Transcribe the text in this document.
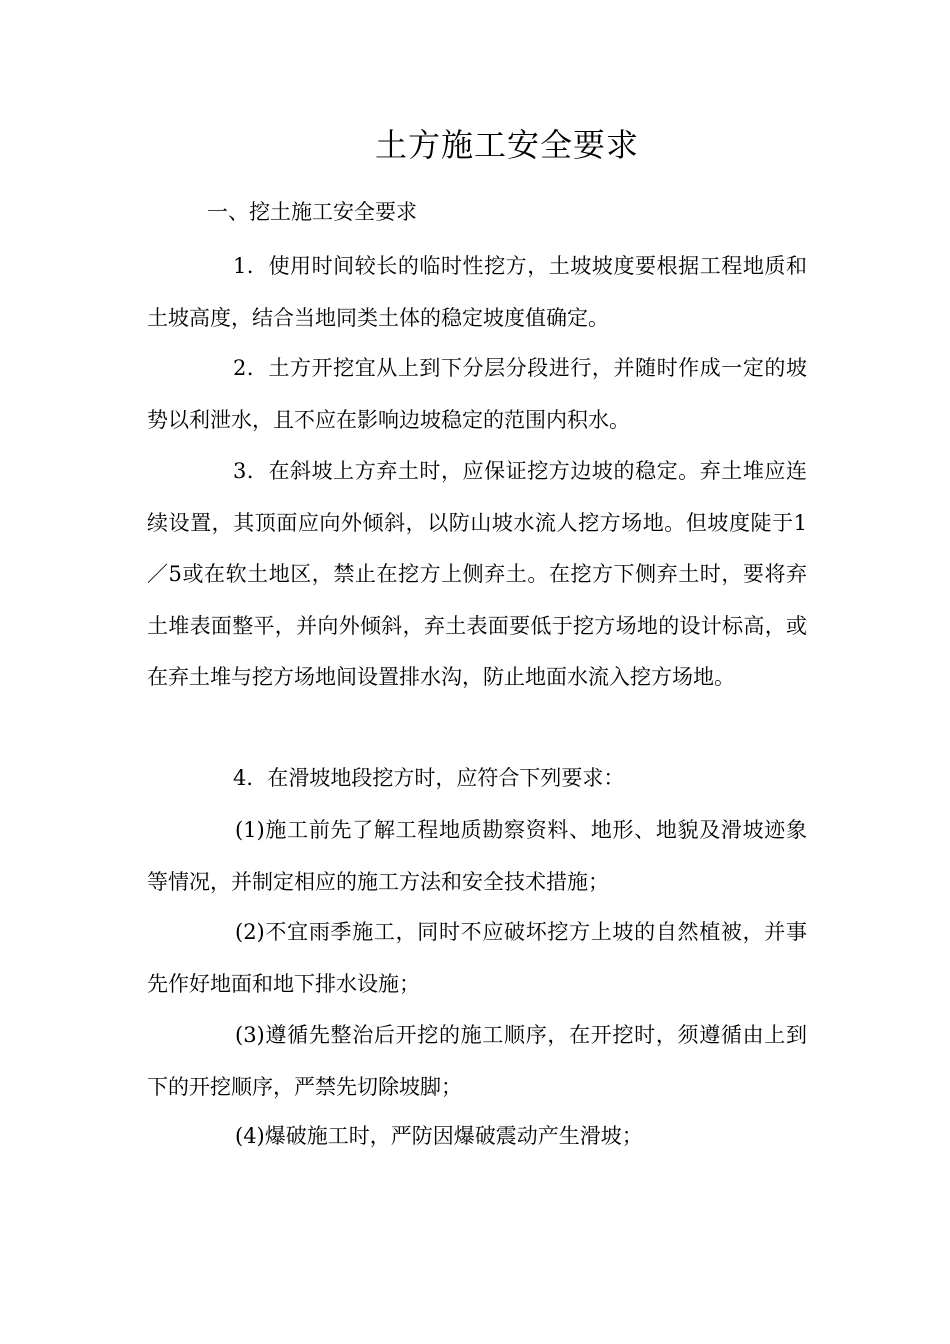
土方施工安全要求

一、挖土施工安全要求

1．使用时间较长的临时性挖方，土坡坡度要根据工程地质和土坡高度，结合当地同类土体的稳定坡度值确定。

2．土方开挖宜从上到下分层分段进行，并随时作成一定的坡势以利泄水，且不应在影响边坡稳定的范围内积水。

3．在斜坡上方弃土时，应保证挖方边坡的稳定。弃土堆应连续设置，其顶面应向外倾斜，以防山坡水流人挖方场地。但坡度陡于1／5或在软土地区，禁止在挖方上侧弃土。在挖方下侧弃土时，要将弃土堆表面整平，并向外倾斜，弃土表面要低于挖方场地的设计标高，或在弃土堆与挖方场地间设置排水沟，防止地面水流入挖方场地。

4．在滑坡地段挖方时，应符合下列要求：

(1)施工前先了解工程地质勘察资料、地形、地貌及滑坡迹象等情况，并制定相应的施工方法和安全技术措施；

(2)不宜雨季施工，同时不应破坏挖方上坡的自然植被，并事先作好地面和地下排水设施；

(3)遵循先整治后开挖的施工顺序，在开挖时，须遵循由上到下的开挖顺序，严禁先切除坡脚；

(4)爆破施工时，严防因爆破震动产生滑坡；
